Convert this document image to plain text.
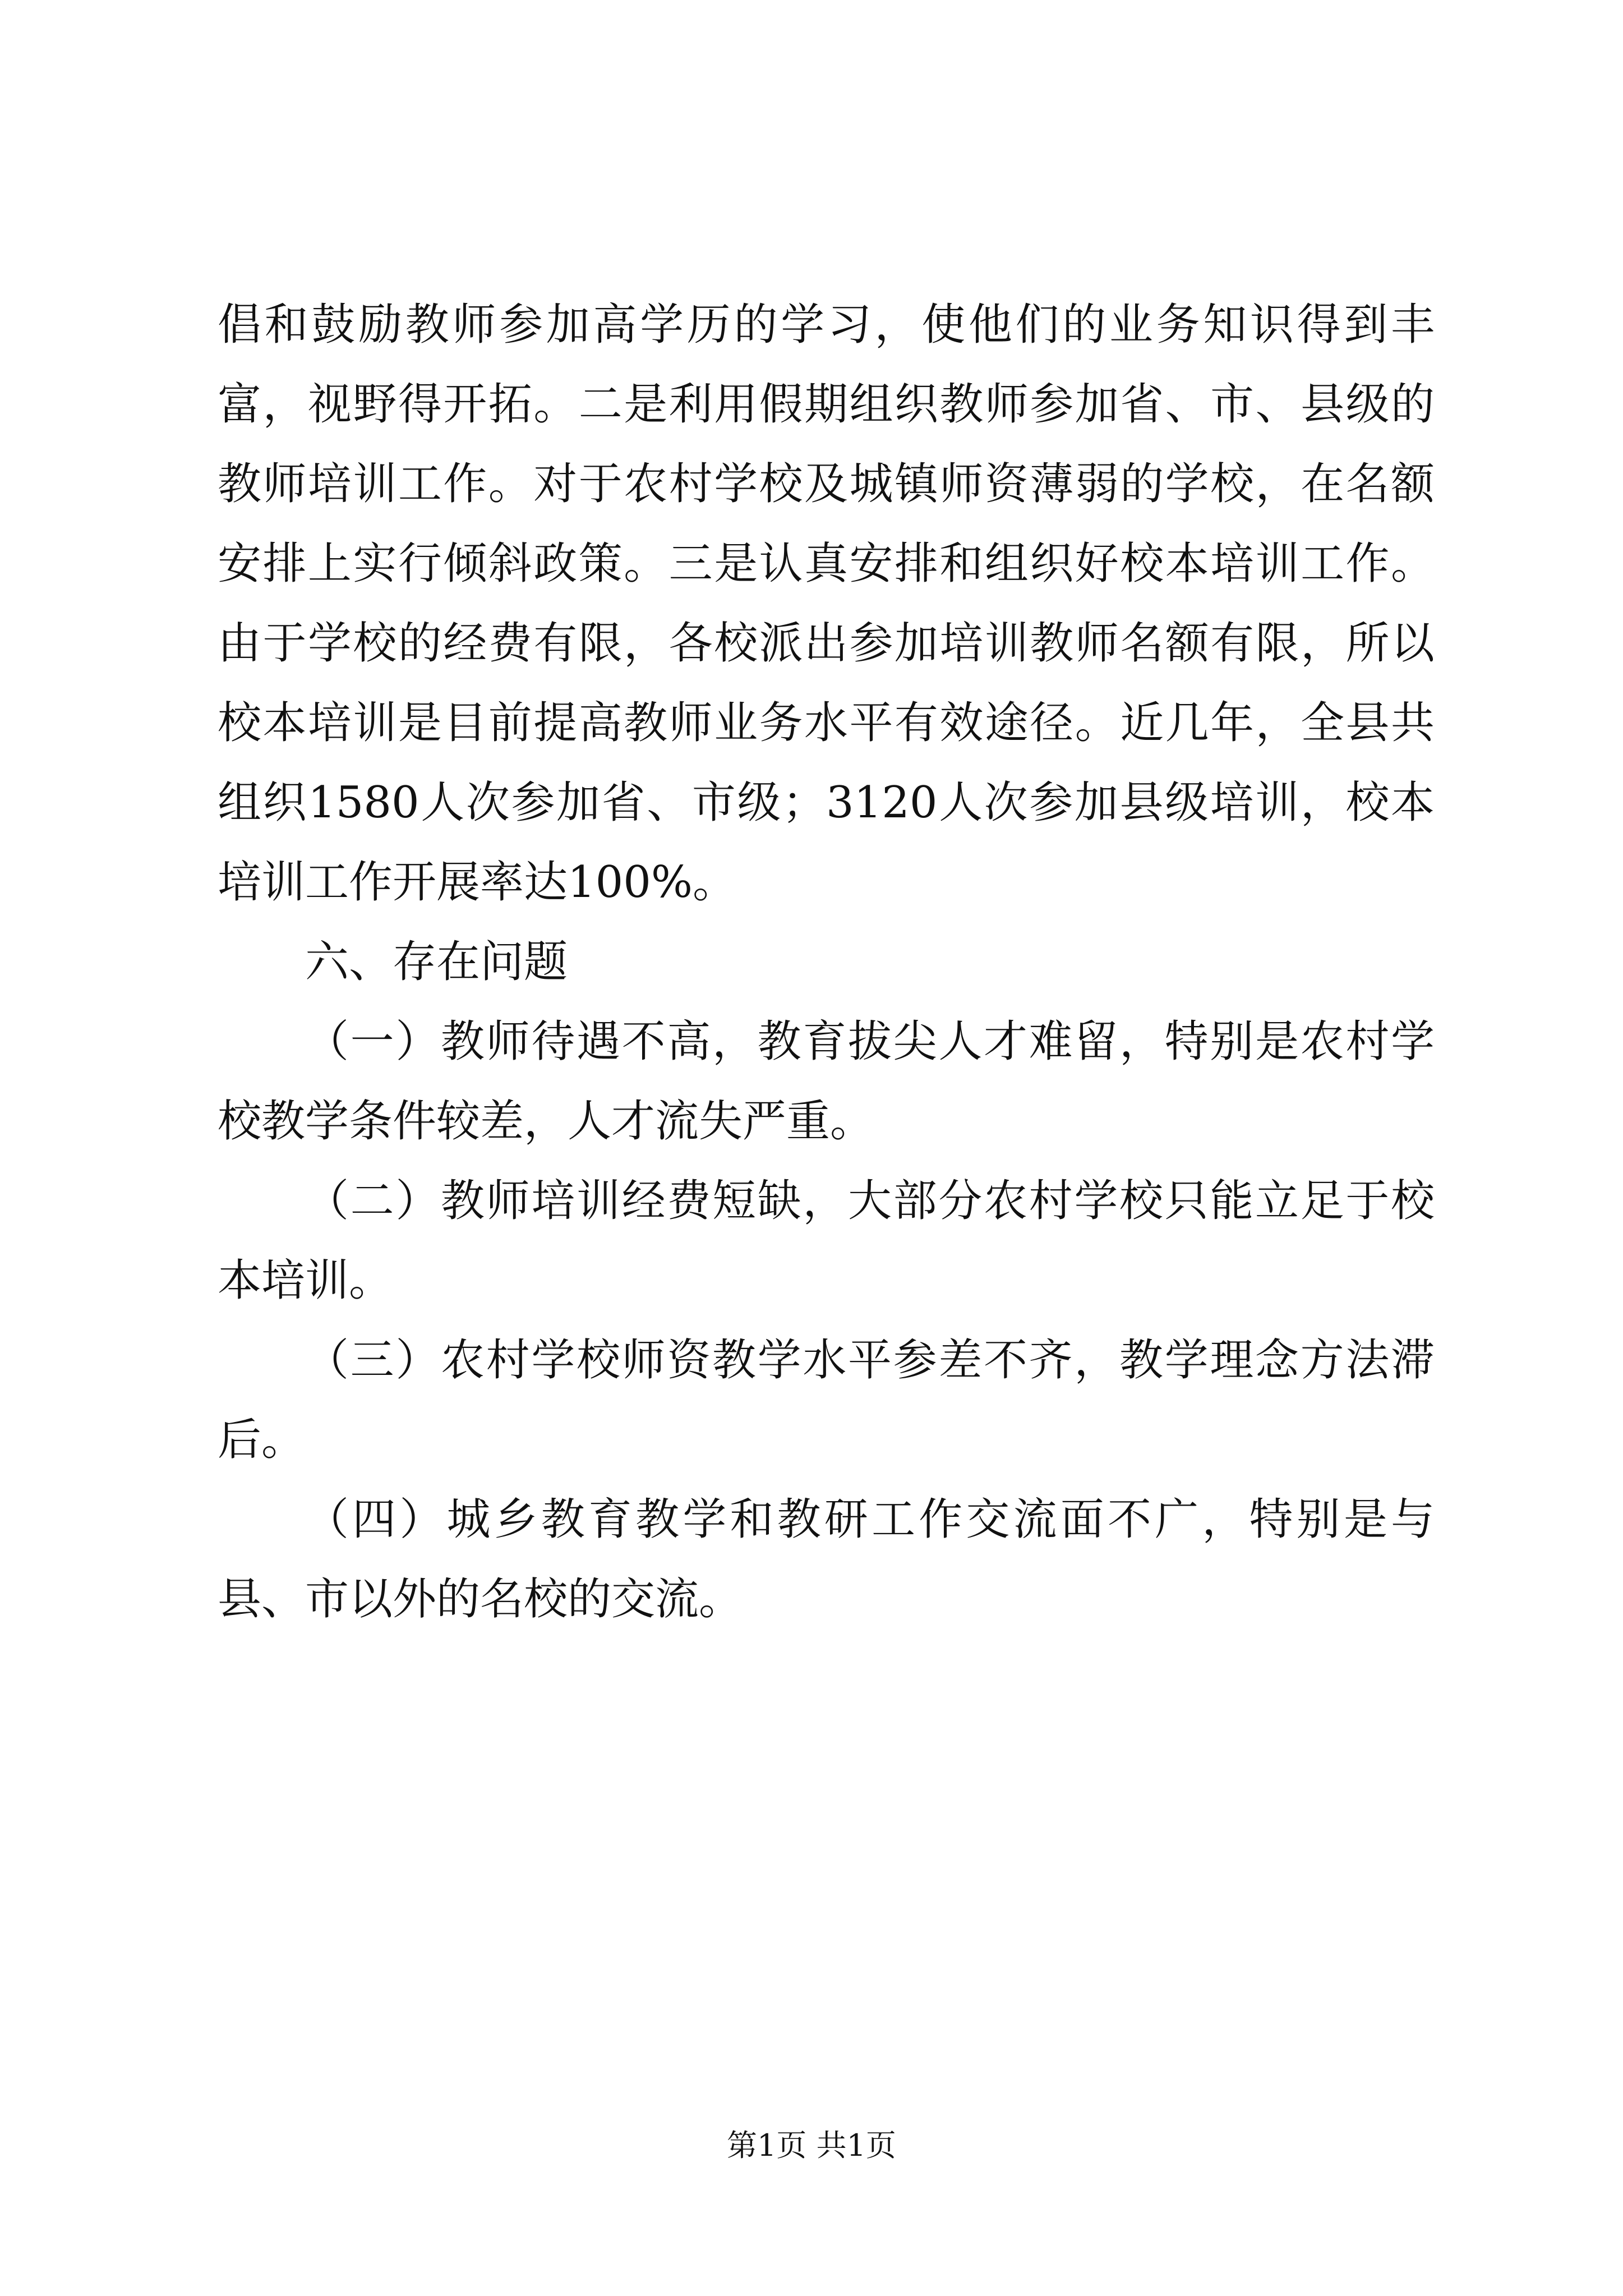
倡和鼓励教师参加高学历的学习，使他们的业务知识得到丰富，视野得开拓。二是利用假期组织教师参加省、市、县级的教师培训工作。对于农村学校及城镇师资薄弱的学校，在名额安排上实行倾斜政策。三是认真安排和组织好校本培训工作。由于学校的经费有限，各校派出参加培训教师名额有限，所以校本培训是目前提高教师业务水平有效途径。近几年，全县共组织1580人次参加省、市级；3120人次参加县级培训，校本培训工作开展率达100%。

六、存在问题

（一）教师待遇不高，教育拔尖人才难留，特别是农村学校教学条件较差，人才流失严重。

（二）教师培训经费短缺，大部分农村学校只能立足于校本培训。

（三）农村学校师资教学水平参差不齐，教学理念方法滞后。

（四）城乡教育教学和教研工作交流面不广，特别是与县、市以外的名校的交流。

第1页 共1页
